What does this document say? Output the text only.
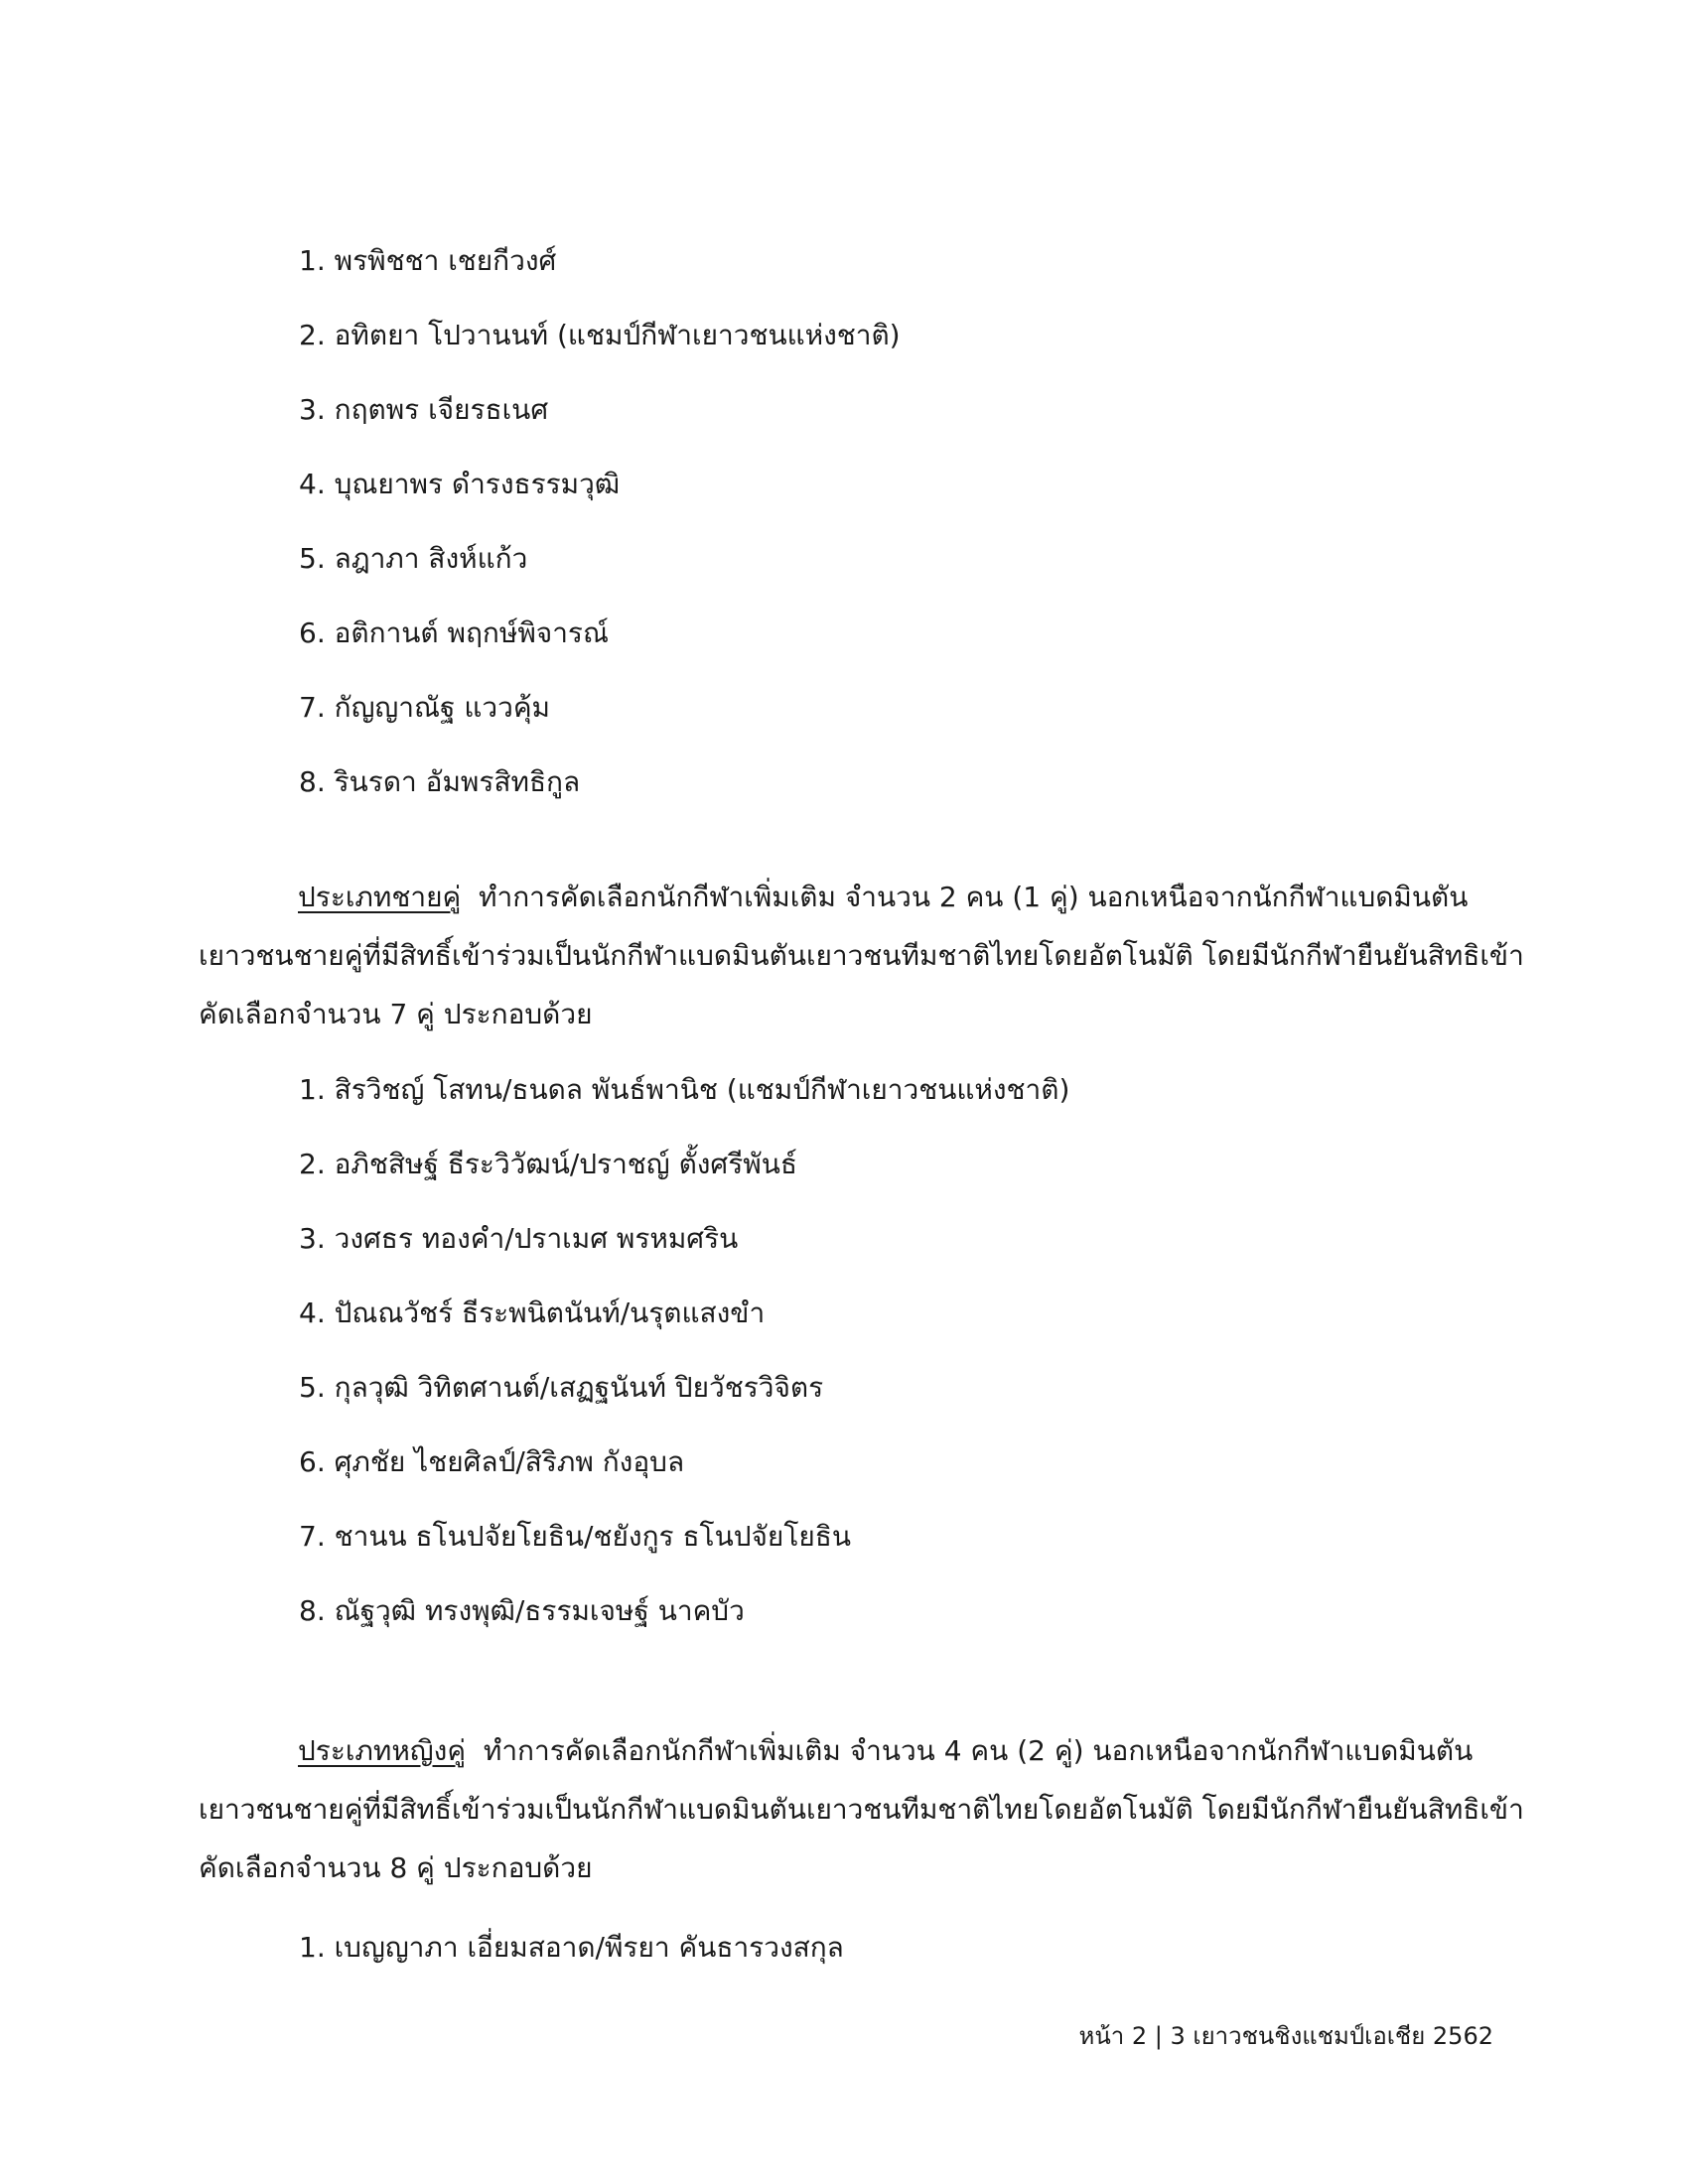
1. พรพิชชา เชยกีวงศ์
2. อทิตยา โปวานนท์ (แชมป์กีฬาเยาวชนแห่งชาติ)
3. กฤตพร เจียรธเนศ
4. บุณยาพร ดำรงธรรมวุฒิ
5. ลฎาภา สิงห์แก้ว
6. อติกานต์ พฤกษ์พิจารณ์
7. กัญญาณัฐ แววคุ้ม
8. รินรดา อัมพรสิทธิกูล

ประเภทชายคู่ ทำการคัดเลือกนักกีฬาเพิ่มเติม จำนวน 2 คน (1 คู่) นอกเหนือจากนักกีฬาแบดมินตัน
เยาวชนชายคู่ที่มีสิทธิ์เข้าร่วมเป็นนักกีฬาแบดมินตันเยาวชนทีมชาติไทยโดยอัตโนมัติ โดยมีนักกีฬายืนยันสิทธิเข้า
คัดเลือกจำนวน 7 คู่ ประกอบด้วย

1. สิรวิชญ์ โสทน/ธนดล พันธ์พานิช (แชมป์กีฬาเยาวชนแห่งชาติ)
2. อภิชสิษฐ์ ธีระวิวัฒน์/ปราชญ์ ตั้งศรีพันธ์
3. วงศธร ทองคำ/ปราเมศ พรหมศริน
4. ปัณณวัชร์ ธีระพนิตนันท์/นรุตแสงขำ
5. กุลวุฒิ วิทิตศานต์/เสฏฐนันท์ ปิยวัชรวิจิตร
6. ศุภชัย ไชยศิลป์/สิริภพ กังอุบล
7. ชานน ธโนปจัยโยธิน/ชยังกูร ธโนปจัยโยธิน
8. ณัฐวุฒิ ทรงพุฒิ/ธรรมเจษฐ์ นาคบัว

ประเภทหญิงคู่ ทำการคัดเลือกนักกีฬาเพิ่มเติม จำนวน 4 คน (2 คู่) นอกเหนือจากนักกีฬาแบดมินตัน
เยาวชนชายคู่ที่มีสิทธิ์เข้าร่วมเป็นนักกีฬาแบดมินตันเยาวชนทีมชาติไทยโดยอัตโนมัติ โดยมีนักกีฬายืนยันสิทธิเข้า
คัดเลือกจำนวน 8 คู่ ประกอบด้วย

1. เบญญาภา เอี่ยมสอาด/พีรยา คันธารวงสกุล
หน้า 2 | 3 เยาวชนชิงแชมป์เอเชีย 2562
